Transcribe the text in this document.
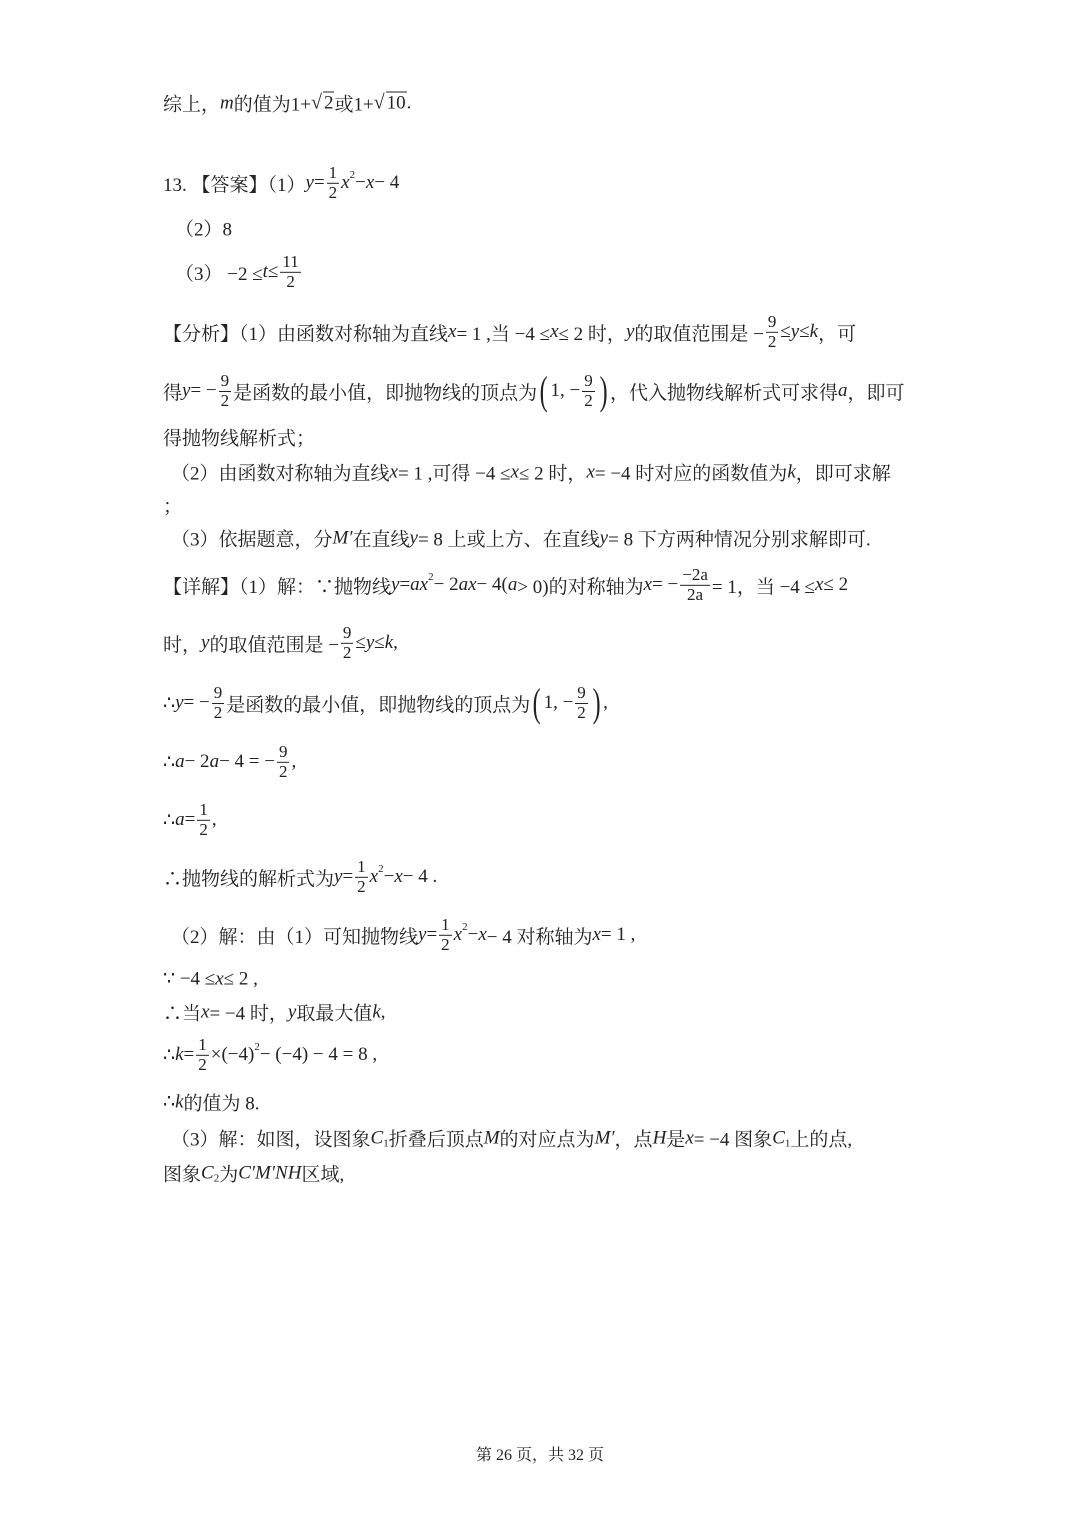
综上， m 的值为1+ √ 2 或1+ √ 10 .
13. 【答案】（1） $y = \frac{1}{2}$ x 2 − x − 4
（2）8
$(3) -2 \le t \le \frac{11}{2}$
【分析】（1）由函数对称轴为直线 x = 1 ,当 −4 ≤ x ≤ 2 时， y 的取值范围是 − $\frac{9}{2} \le y \le k$ ，可
得 y = − $\frac{9}{2}$ 是函数的最小值，即抛物线的顶点为 ( 1, − $\frac{9}{2}$ ) ，代入抛物线解析式可求得 a ，即可
得抛物线解析式；
（2）由函数对称轴为直线 x = 1 ,可得 −4 ≤ x ≤ 2 时， x = −4 时对应的函数值为 k ，即可求解
；
（3）依据题意，分 M′ 在直线 y = 8 上或上方、在直线 y = 8 下方两种情况分别求解即可.
【详解】（1）解：∵抛物线 y = ax 2 − 2 ax − 4( a > 0)的对称轴为 x = − $\frac{-2a}{2a} = 1$，当 −4 ≤ x ≤ 2
时， y 的取值范围是 − $\frac{9}{2} \le y \le k$ ,
∴ y = − $\frac{9}{2}$ 是函数的最小值，即抛物线的顶点为 ( 1, − $\frac{9}{2}$ ) ,
∴ a − 2 a − 4 = − $\frac{9}{2}$ ,
∴ $a = \frac{1}{2}$ ,
∴抛物线的解析式为 $y = \frac{1}{2}$ x 2 − x − 4 .
（2）解：由（1）可知抛物线 $y = \frac{1}{2}$ x 2 − x − 4 对称轴为 x = 1 ,
∵ −4 ≤ x ≤ 2 ,
∴当 x = −4 时， y 取最大值 k ,
∴ $k = \frac{1}{2} \times(-4) 2 - (-4) - 4 = 8$ ,
∴ k 的值为 8.
（3）解：如图，设图象 C 1 折叠后顶点 M 的对应点为 M′ ，点 H 是 x = −4 图象 C 1 上的点,
图象 C 2 为 C′M′NH 区域,
第 26 页，共 32 页
